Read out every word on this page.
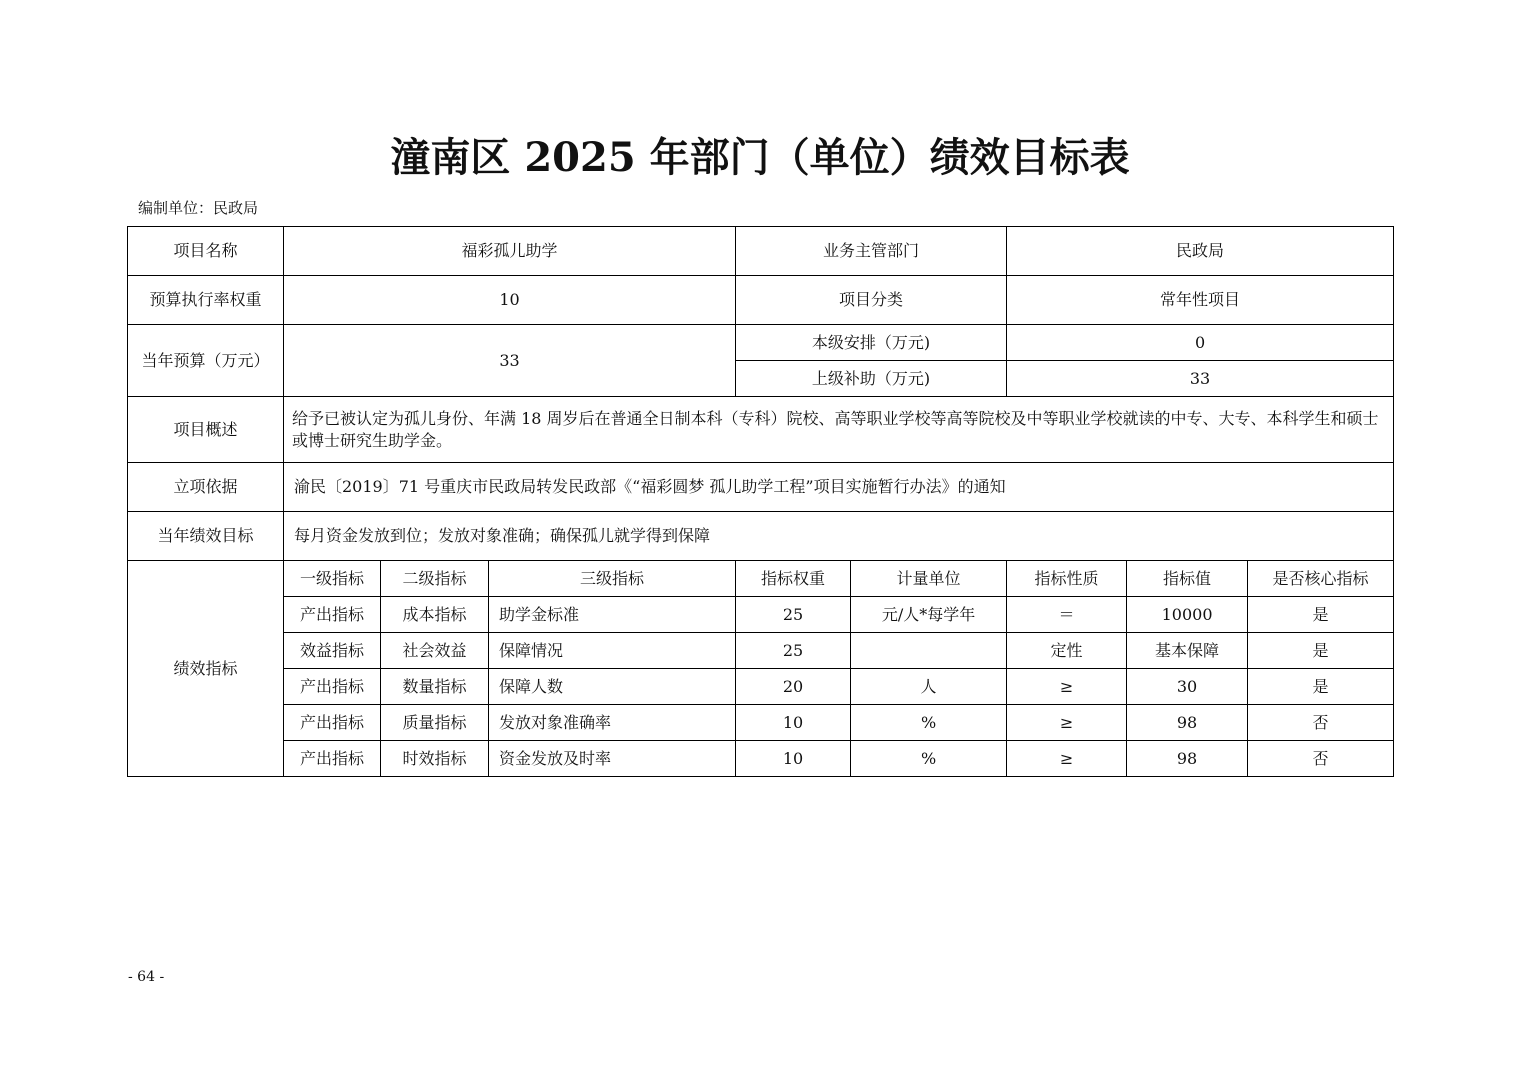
潼南区 2025 年部门（单位）绩效目标表
编制单位：民政局
项目名称	福彩孤儿助学			业务主管部门		民政局		
预算执行率权重	10			项目分类		常年性项目		
当年预算（万元）	33			本级安排（万元)		0		
				上级补助（万元)		33		
项目概述	给予已被认定为孤儿身份、年满 18 周岁后在普通全日制本科（专科）院校、高等职业学校等高等院校及中等职业学校就读的中专、大专、本科学生和硕士或博士研究生助学金。							
立项依据	渝民〔2019〕71 号重庆市民政局转发民政部《“福彩圆梦 孤儿助学工程”项目实施暂行办法》的通知							
当年绩效目标	每月资金发放到位；发放对象准确；确保孤儿就学得到保障							
绩效指标	一级指标	二级指标	三级指标	指标权重	计量单位	指标性质	指标值	是否核心指标
	产出指标	成本指标	助学金标准	25	元/人*每学年	＝	10000	是
	效益指标	社会效益	保障情况	25		定性	基本保障	是
	产出指标	数量指标	保障人数	20	人	≥	30	是
	产出指标	质量指标	发放对象准确率	10	%	≥	98	否
	产出指标	时效指标	资金发放及时率	10	%	≥	98	否
- 64 -
